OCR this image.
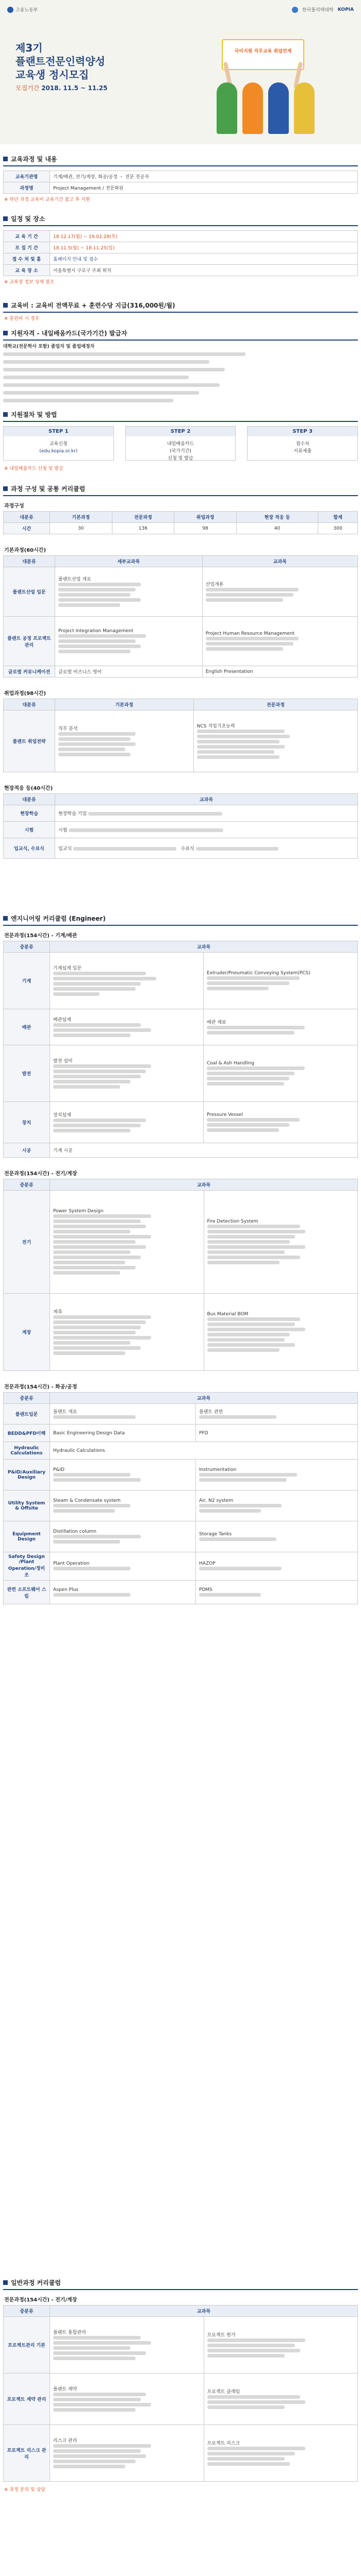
고용노동부	한국폴리텍대학 KOPIA
제3기
플랜트전문인력양성
교육생 정시모집
모집기간 2018. 11.5 ~ 11.25
국비지원 직무교육 취업연계
교육과정 및 내용
교육기관명	기계/배관, 전기/계장, 화공/공정 ・ 전문 전공자
과정명	Project Management / 전문화된
※ 하단 과정 교육비 교육기간 참고 후 지원
일정 및 장소
교 육 기 간	18.12.17(월) ~ 19.02.28(목)
모 집 기 간	18.11.5(월) ~ 18.11.25(일)
접 수 처 및 홈	홈페이지 안내 및 접수
교 육 장 소	서울특별시 구로구 주최 위치
※ 교육장 정보 상세 참조
교육비 : 교육비 전액무료 + 훈련수당 지급(316,000원/월)
※ 훈련비 시 경우
지원자격 - 내일배움카드(국가기간) 발급자
대학교(전문학사 포함) 졸업자 및 졸업예정자
지원절차 및 방법
STEP 1
교육신청
(edu.kopia.or.kr)
STEP 2
내일배움카드
(국가기간)
신청 및 발급
STEP 3
접수처
서류제출
※ 내일배움카드 신청 및 발급
과정 구성 및 공통 커리큘럼
과정구성
대분류	기본과정	전문과정	취업과정	현장 적응 등	합계
시간	30	136	98	40	300
기본과정(60시간)
대분류	세부교과목	교과목
플랜트산업 입문	플랜트산업 개요	산업개론

플랜트 공정 프로젝트 관리	Project Integration Management	Project Human Resource Management

글로벌 커뮤니케이션	글로벌 비즈니스 영어	English Presentation
취업과정(98시간)
대분류	기본과정	전문과정
플랜트 취업전략	직무 분석	NCS 직업기초능력
현장적응 등(40시간)
대분류	교과목
현장학습	현장학습 기업
시험	시험
입교식, 수료식	입교식 수료식
엔지니어링 커리큘럼 (Engineer)
전문과정(154시간) - 기계/배관
중분류	교과목	
기계	기계설계 입문	Extruder/Pneumatic Conveying System(PCS)

배관	배관설계	배관 재료

발전	발전 설비	Coal & Ash Handling

장치	장치설계	Pressure Vessel

시공	기계 시공	
전문과정(154시간) - 전기/계장
중분류	교과목	
전기	Power System Design	Fire Detection System

계장	계측	Bus Material BOM
전문과정(154시간) - 화공/공정
중분류	교과목	
플랜트입문	플랜트 개요	플랜트 관련

BEDD&PFD이해	Basic Engineering Design Data	PFD

Hydraulic Calculations	Hydraulic Calculations	

P&ID/Auxiliary Design	P&ID	Instrumentation

Utility System & Offsite	Steam & Condensate system	Air, N2 system

Equipment Design	Distillation column	Storage Tanks

Safety Design /Plant Operation/정비조	Plant Operation	HAZOP

관련 소프트웨어 스킬	Aspen Plus	PDMS
일반과정 커리큘럼
전문과정(154시간) - 전기/계장
중분류	교과목	
프로젝트관리 기본	플랜트 통합관리	프로젝트 원가

프로젝트 계약 관리	플랜트 계약	프로젝트 클레임

프로젝트 리스크 관리	리스크 관리	프로젝트 리스크
※ 과정 문의 및 상담
